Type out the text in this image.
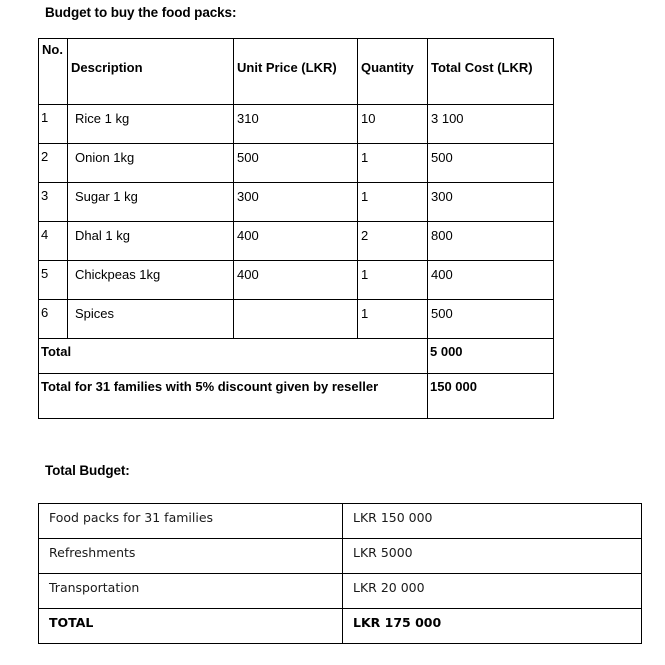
Budget to buy the food packs:
No.	Description	Unit Price (LKR)	Quantity	Total Cost (LKR)
1	Rice 1 kg	310	10	3 100
2	Onion 1kg	500	1	500
3	Sugar 1 kg	300	1	300
4	Dhal 1 kg	400	2	800
5	Chickpeas 1kg	400	1	400
6	Spices		1	500
Total				5 000
Total for 31 families with 5% discount given by reseller				150 000
Total Budget:
Food packs for 31 families	LKR 150 000
Refreshments	LKR 5000
Transportation	LKR 20 000
TOTAL	LKR 175 000
